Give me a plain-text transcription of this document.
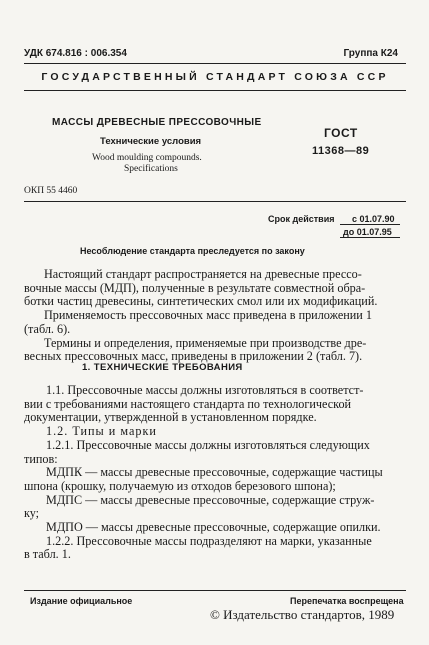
УДК 674.816 : 006.354	Группа К24
ГОСУДАРСТВЕННЫЙ СТАНДАРТ СОЮЗА ССР
МАССЫ ДРЕВЕСНЫЕ ПРЕССОВОЧНЫЕ
Технические условия
Wood moulding compounds.
Specifications
ГОСТ
11368—89
ОКП 55 4460
Срок действия с 01.07.90
до 01.07.95
Несоблюдение стандарта преследуется по закону
Настоящий стандарт распространяется на древесные прессо-
вочные массы (МДП), полученные в результате совместной обра-
ботки частиц древесины, синтетических смол или их модификаций.
Применяемость прессовочных масс приведена в приложении 1
(табл. 6).
Термины и определения, применяемые при производстве дре-
весных прессовочных масс, приведены в приложении 2 (табл. 7).
1. ТЕХНИЧЕСКИЕ ТРЕБОВАНИЯ
1.1. Прессовочные массы должны изготовляться в соответст-
вии с требованиями настоящего стандарта по технологической
документации, утвержденной в установленном порядке.
1.2. Типы и марки
1.2.1. Прессовочные массы должны изготовляться следующих
типов:
МДПК — массы древесные прессовочные, содержащие частицы
шпона (крошку, получаемую из отходов березового шпона);
МДПС — массы древесные прессовочные, содержащие струж-
ку;
МДПО — массы древесные прессовочные, содержащие опилки.
1.2.2. Прессовочные массы подразделяют на марки, указанные
в табл. 1.
Издание официальное	Перепечатка воспрещена
© Издательство стандартов, 1989
